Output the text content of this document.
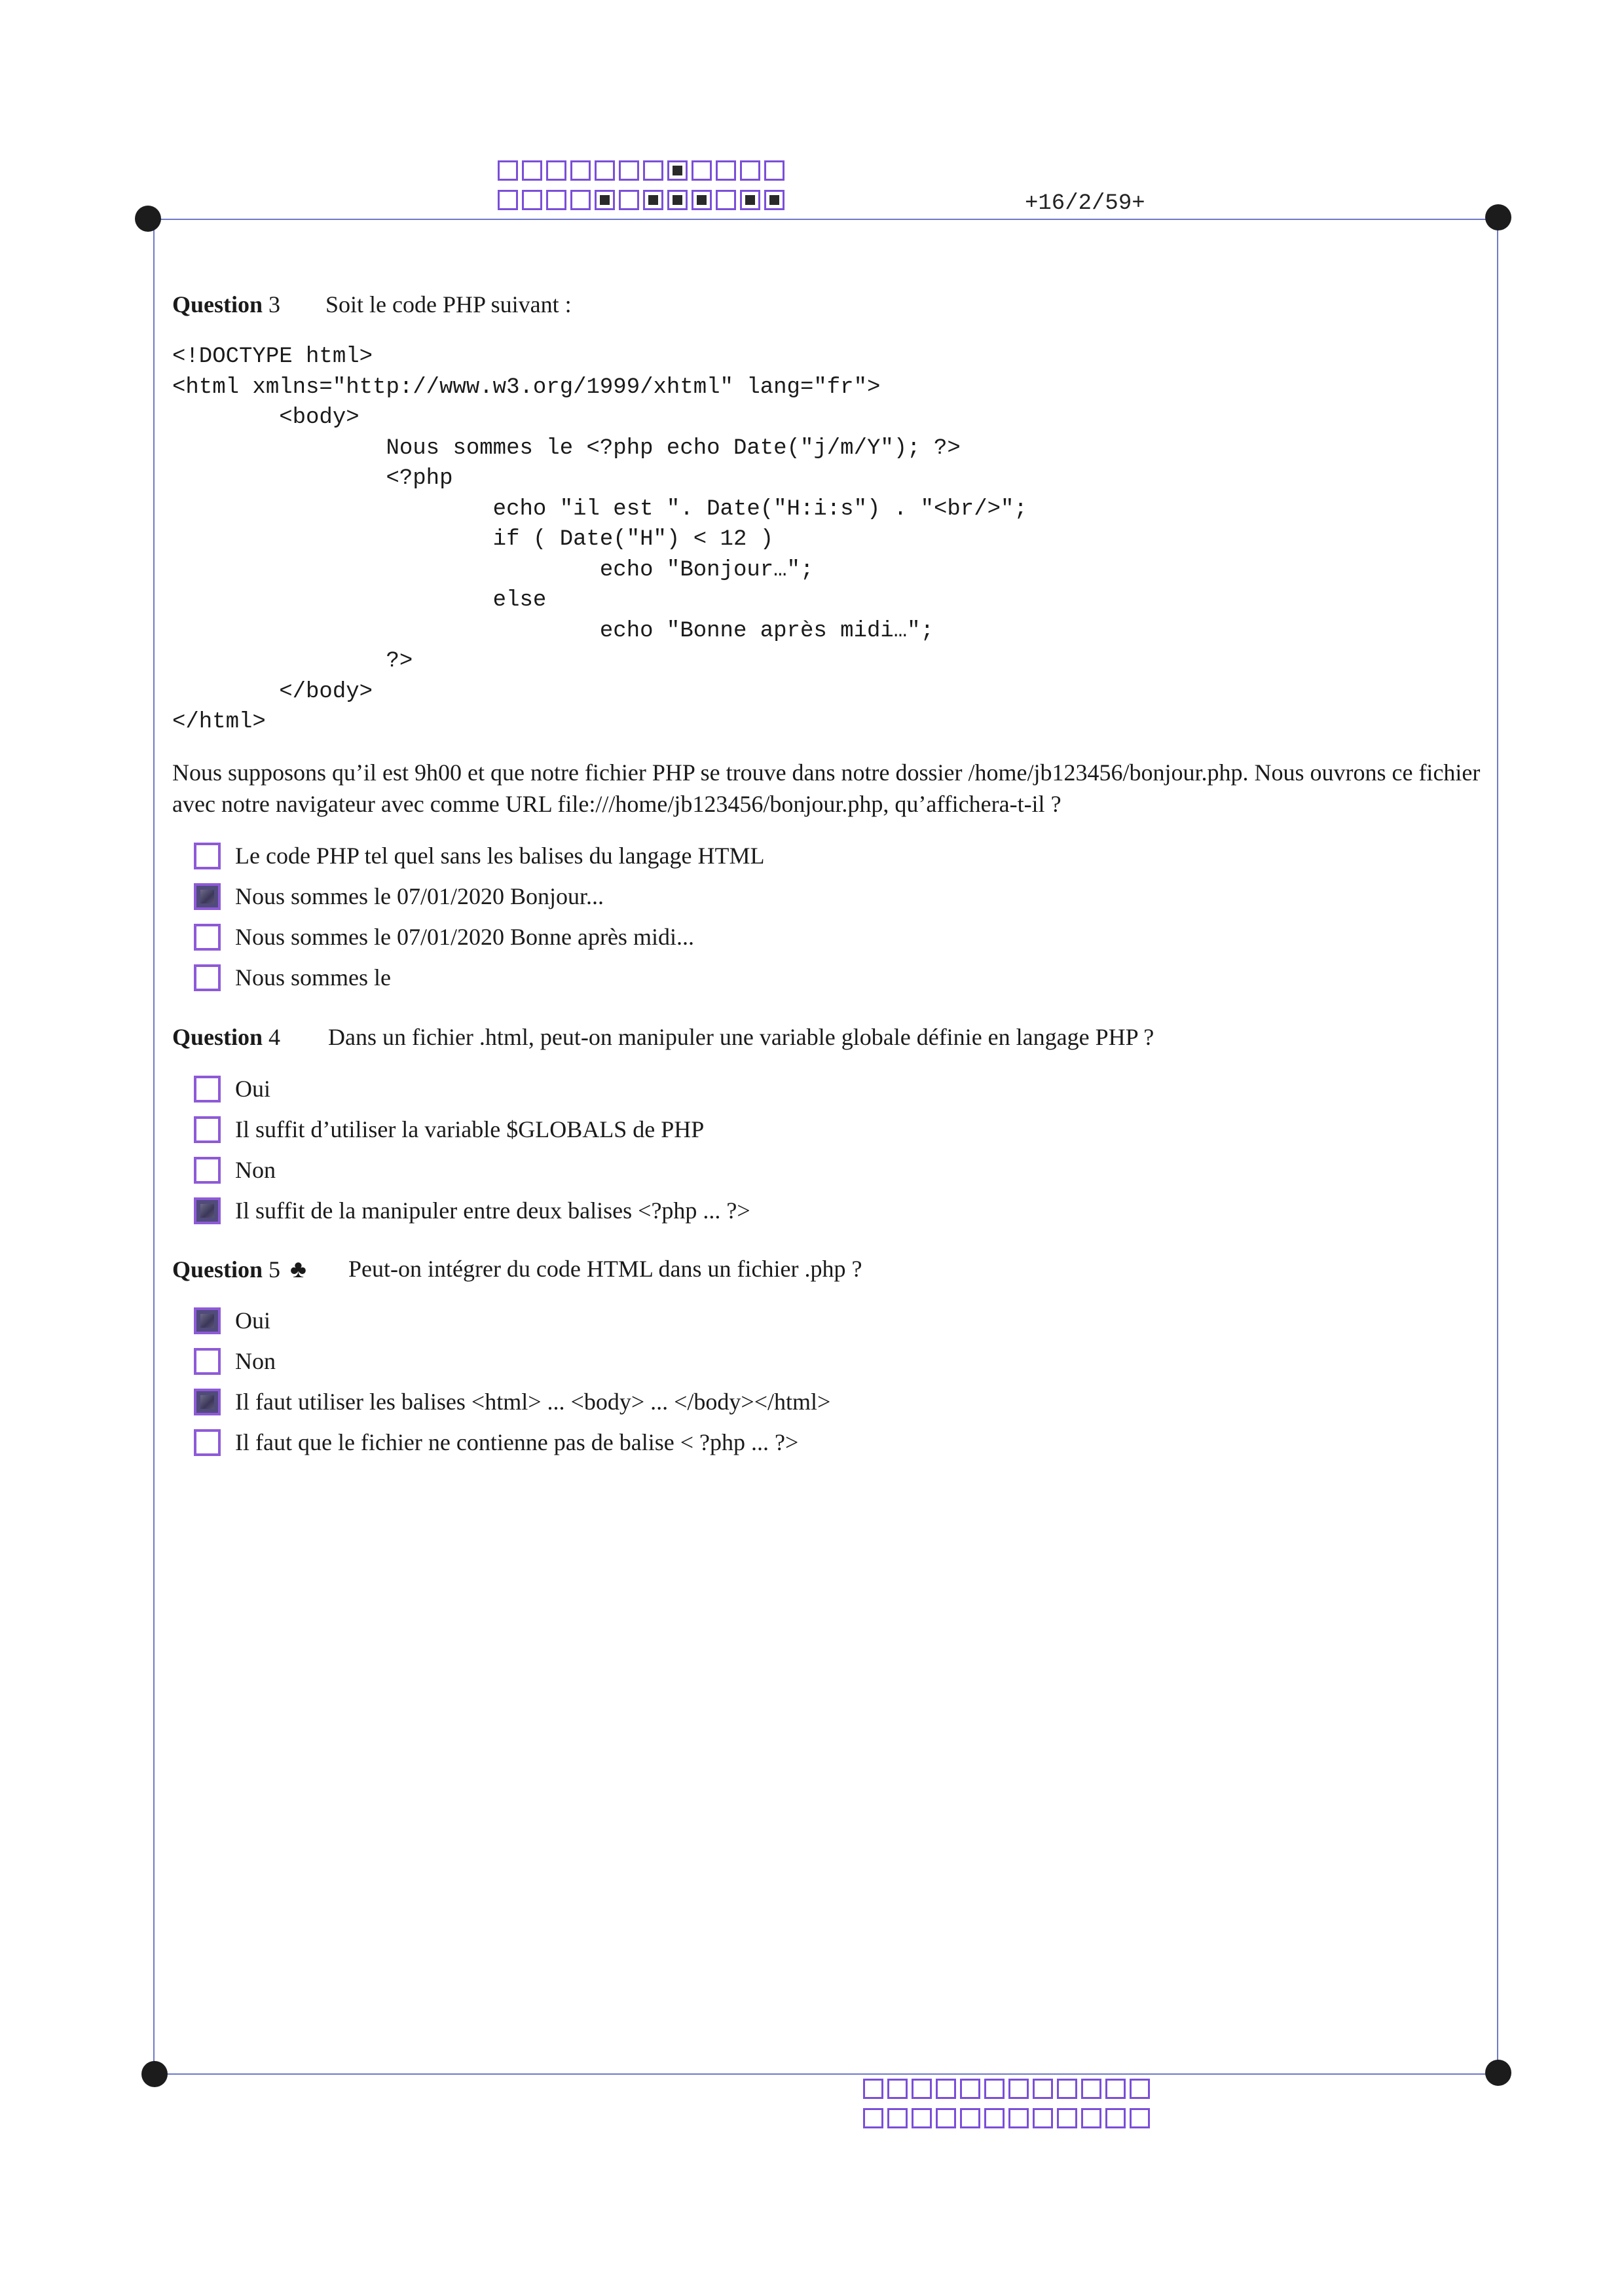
+16/2/59+
Question 3 Soit le code PHP suivant :
<!DOCTYPE html>
<html xmlns="http://www.w3.org/1999/xhtml" lang="fr">
<body>
Nous sommes le <?php echo Date("j/m/Y"); ?>
<?php
echo "il est ". Date("H:i:s") . "<br/>";
if ( Date("H") < 12 )
echo "Bonjour…";
else
echo "Bonne après midi…";
?>
</body>
</html>
Nous supposons qu’il est 9h00 et que notre fichier PHP se trouve dans notre dossier /home/jb123456/bonjour.php. Nous ouvrons ce fichier avec notre navigateur avec comme URL file:///home/jb123456/bonjour.php, qu’affichera-t-il ?
Le code PHP tel quel sans les balises du langage HTML
Nous sommes le 07/01/2020 Bonjour...
Nous sommes le 07/01/2020 Bonne après midi...
Nous sommes le
Question 4 Dans un fichier .html, peut-on manipuler une variable globale définie en langage PHP ?
Oui
Il suffit d’utiliser la variable $GLOBALS de PHP
Non
Il suffit de la manipuler entre deux balises <?php ... ?>
Question 5 ♣ Peut-on intégrer du code HTML dans un fichier .php ?
Oui
Non
Il faut utiliser les balises <html> ... <body> ... </body></html>
Il faut que le fichier ne contienne pas de balise < ?php ... ?>
